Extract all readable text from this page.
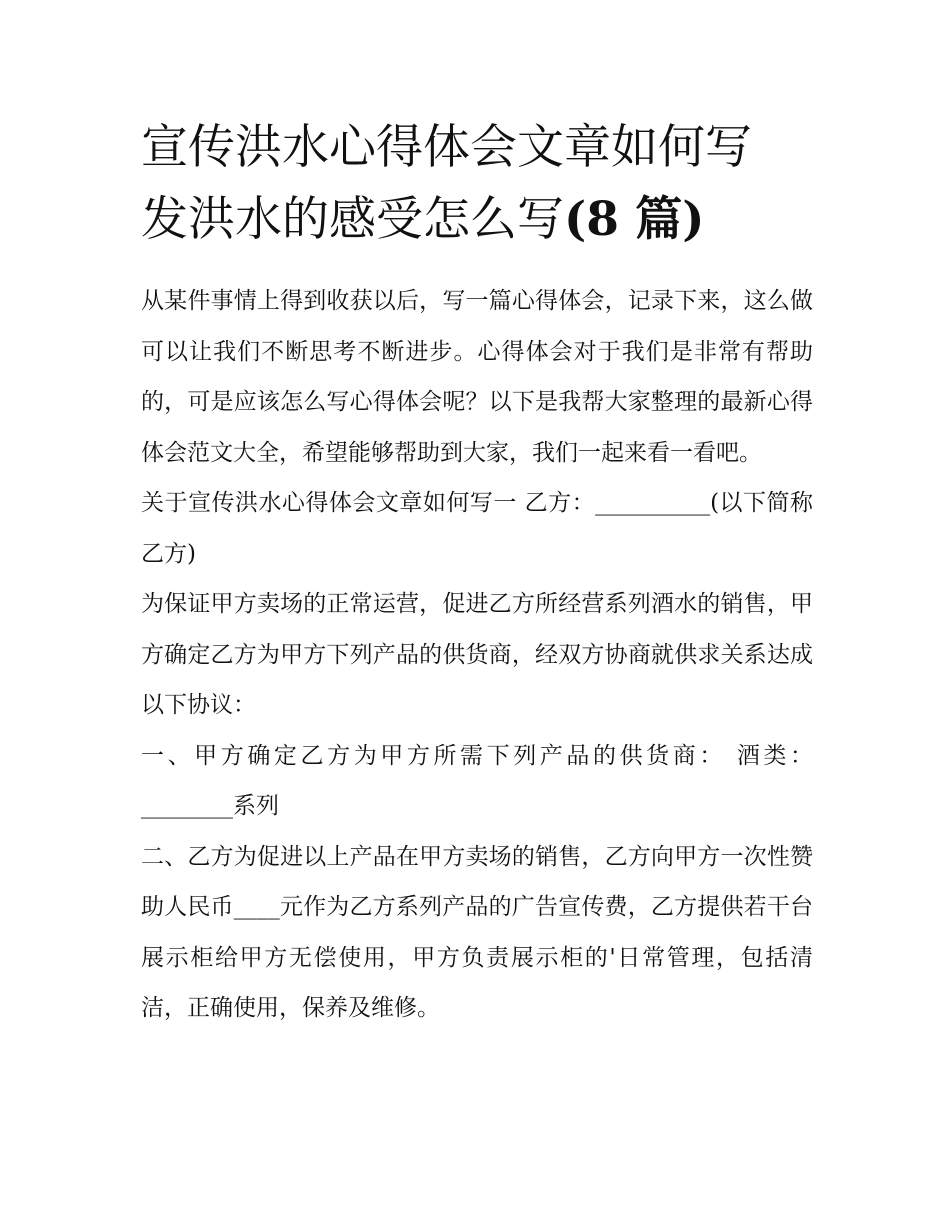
宣传洪水心得体会文章如何写
发洪水的感受怎么写(8 篇)

从某件事情上得到收获以后，写一篇心得体会，记录下来，这么做可以让我们不断思考不断进步。心得体会对于我们是非常有帮助的，可是应该怎么写心得体会呢？以下是我帮大家整理的最新心得体会范文大全，希望能够帮助到大家，我们一起来看一看吧。

关于宣传洪水心得体会文章如何写一 乙方：__________(以下简称乙方)

为保证甲方卖场的正常运营，促进乙方所经营系列酒水的销售，甲方确定乙方为甲方下列产品的供货商，经双方协商就供求关系达成以下协议：

一、甲方确定乙方为甲方所需下列产品的供货商： 酒类：________系列

二、乙方为促进以上产品在甲方卖场的销售，乙方向甲方一次性赞助人民币____元作为乙方系列产品的广告宣传费，乙方提供若干台展示柜给甲方无偿使用，甲方负责展示柜的'日常管理，包括清洁，正确使用，保养及维修。
